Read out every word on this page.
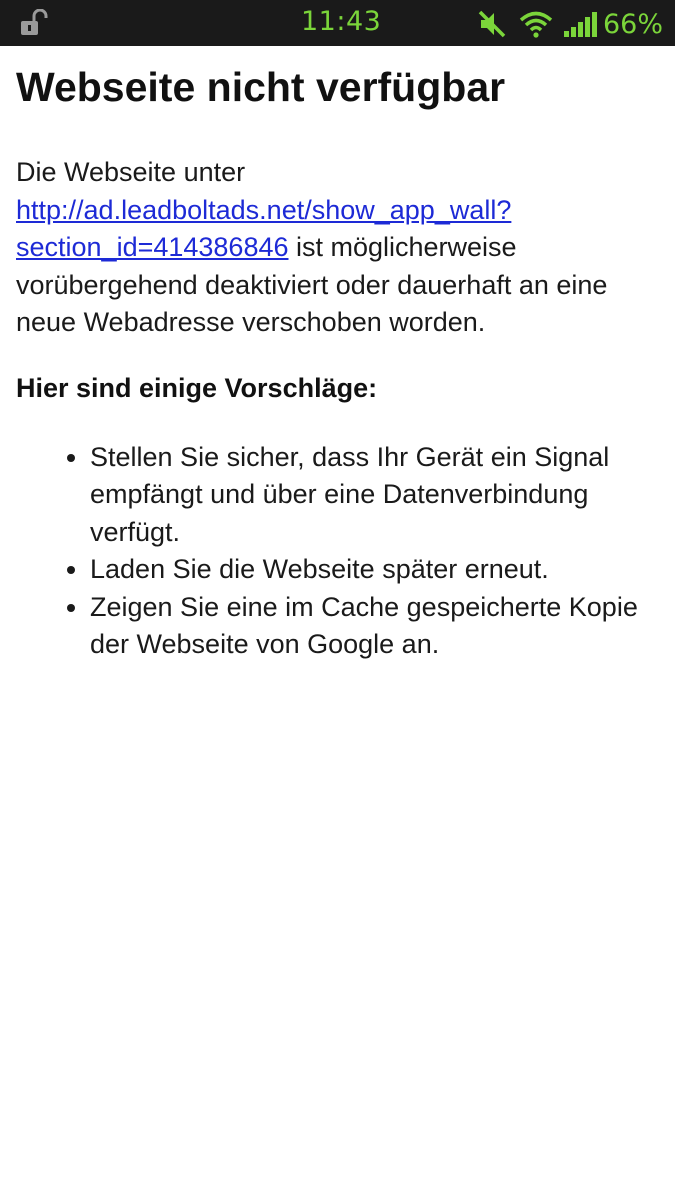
11:43	66%
Webseite nicht verfügbar
Die Webseite unter http://ad.leadboltads.net/show_app_wall?section_id=414386846 ist möglicherweise vorübergehend deaktiviert oder dauerhaft an eine neue Webadresse verschoben worden.
Hier sind einige Vorschläge:
• Stellen Sie sicher, dass Ihr Gerät ein Signal empfängt und über eine Datenverbindung verfügt.
• Laden Sie die Webseite später erneut.
• Zeigen Sie eine im Cache gespeicherte Kopie der Webseite von Google an.
